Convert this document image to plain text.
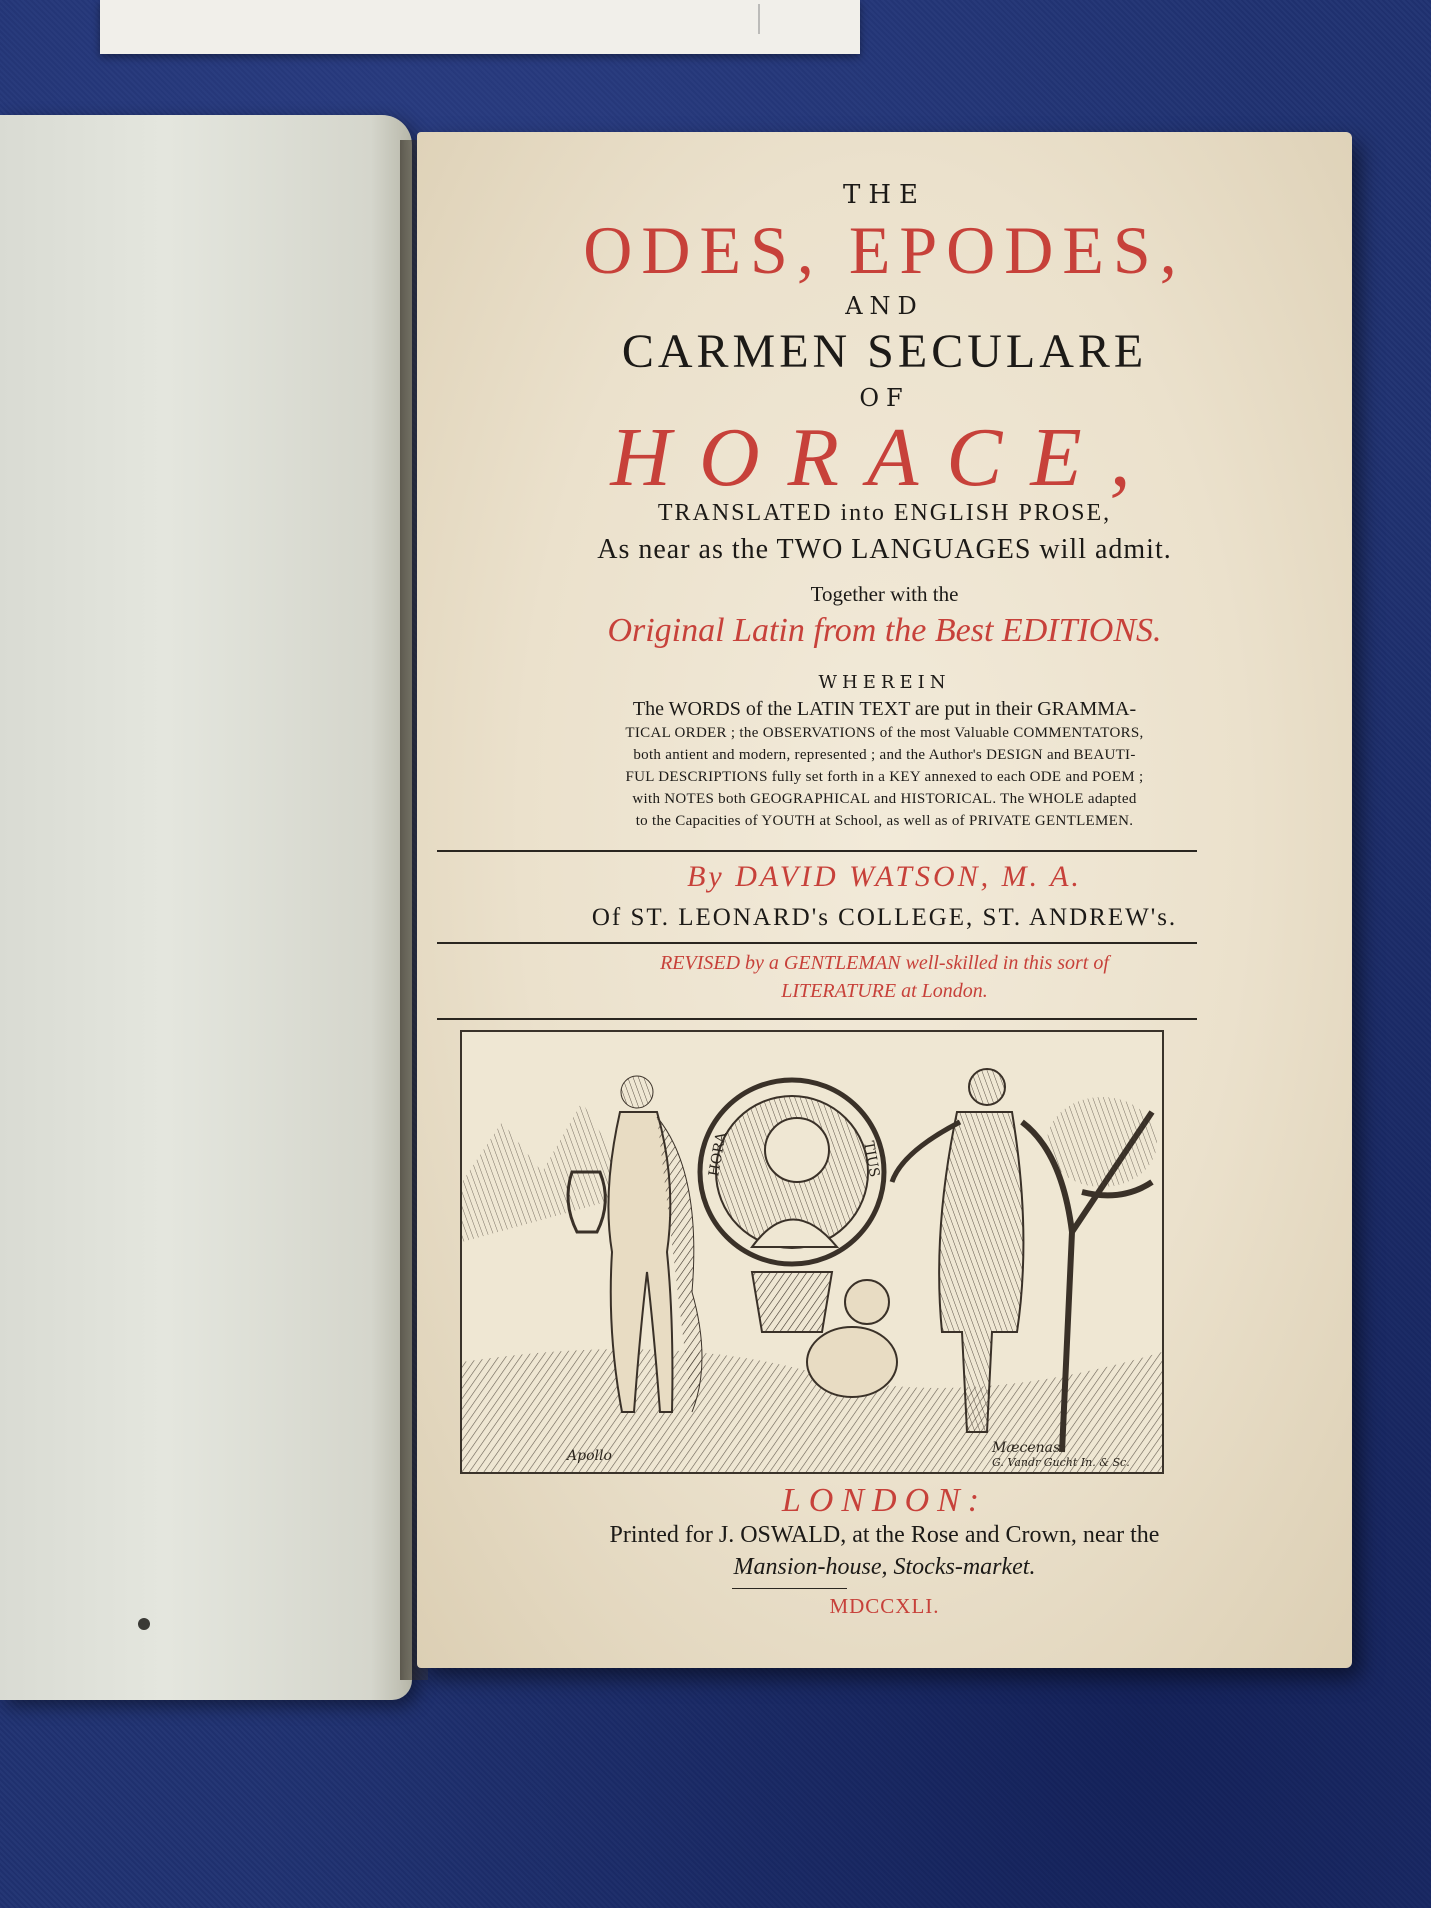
THE
ODES, EPODES,
AND
CARMEN SECULARE
OF
HORACE,
TRANSLATED into ENGLISH PROSE,
As near as the TWO LANGUAGES will admit.
Together with the
Original Latin from the Best EDITIONS.
WHEREIN
The WORDS of the LATIN TEXT are put in their GRAMMA-
TICAL ORDER ; the OBSERVATIONS of the most Valuable COMMENTATORS,
both antient and modern, represented ; and the Author's DESIGN and BEAUTI-
FUL DESCRIPTIONS fully set forth in a KEY annexed to each ODE and POEM ;
with NOTES both GEOGRAPHICAL and HISTORICAL. The WHOLE adapted
to the Capacities of YOUTH at School, as well as of PRIVATE GENTLEMEN.
By DAVID WATSON, M. A.
Of ST. LEONARD's COLLEGE, ST. ANDREW's.
REVISED by a GENTLEMAN well-skilled in this sort of
LITERATURE at London.
LONDON:
Printed for J. OSWALD, at the Rose and Crown, near the
Mansion-house, Stocks-market.
MDCCXLI.
HORA	TIUS
Apollo	Mæcenas
G. Vandr Gucht In. & Sc.
